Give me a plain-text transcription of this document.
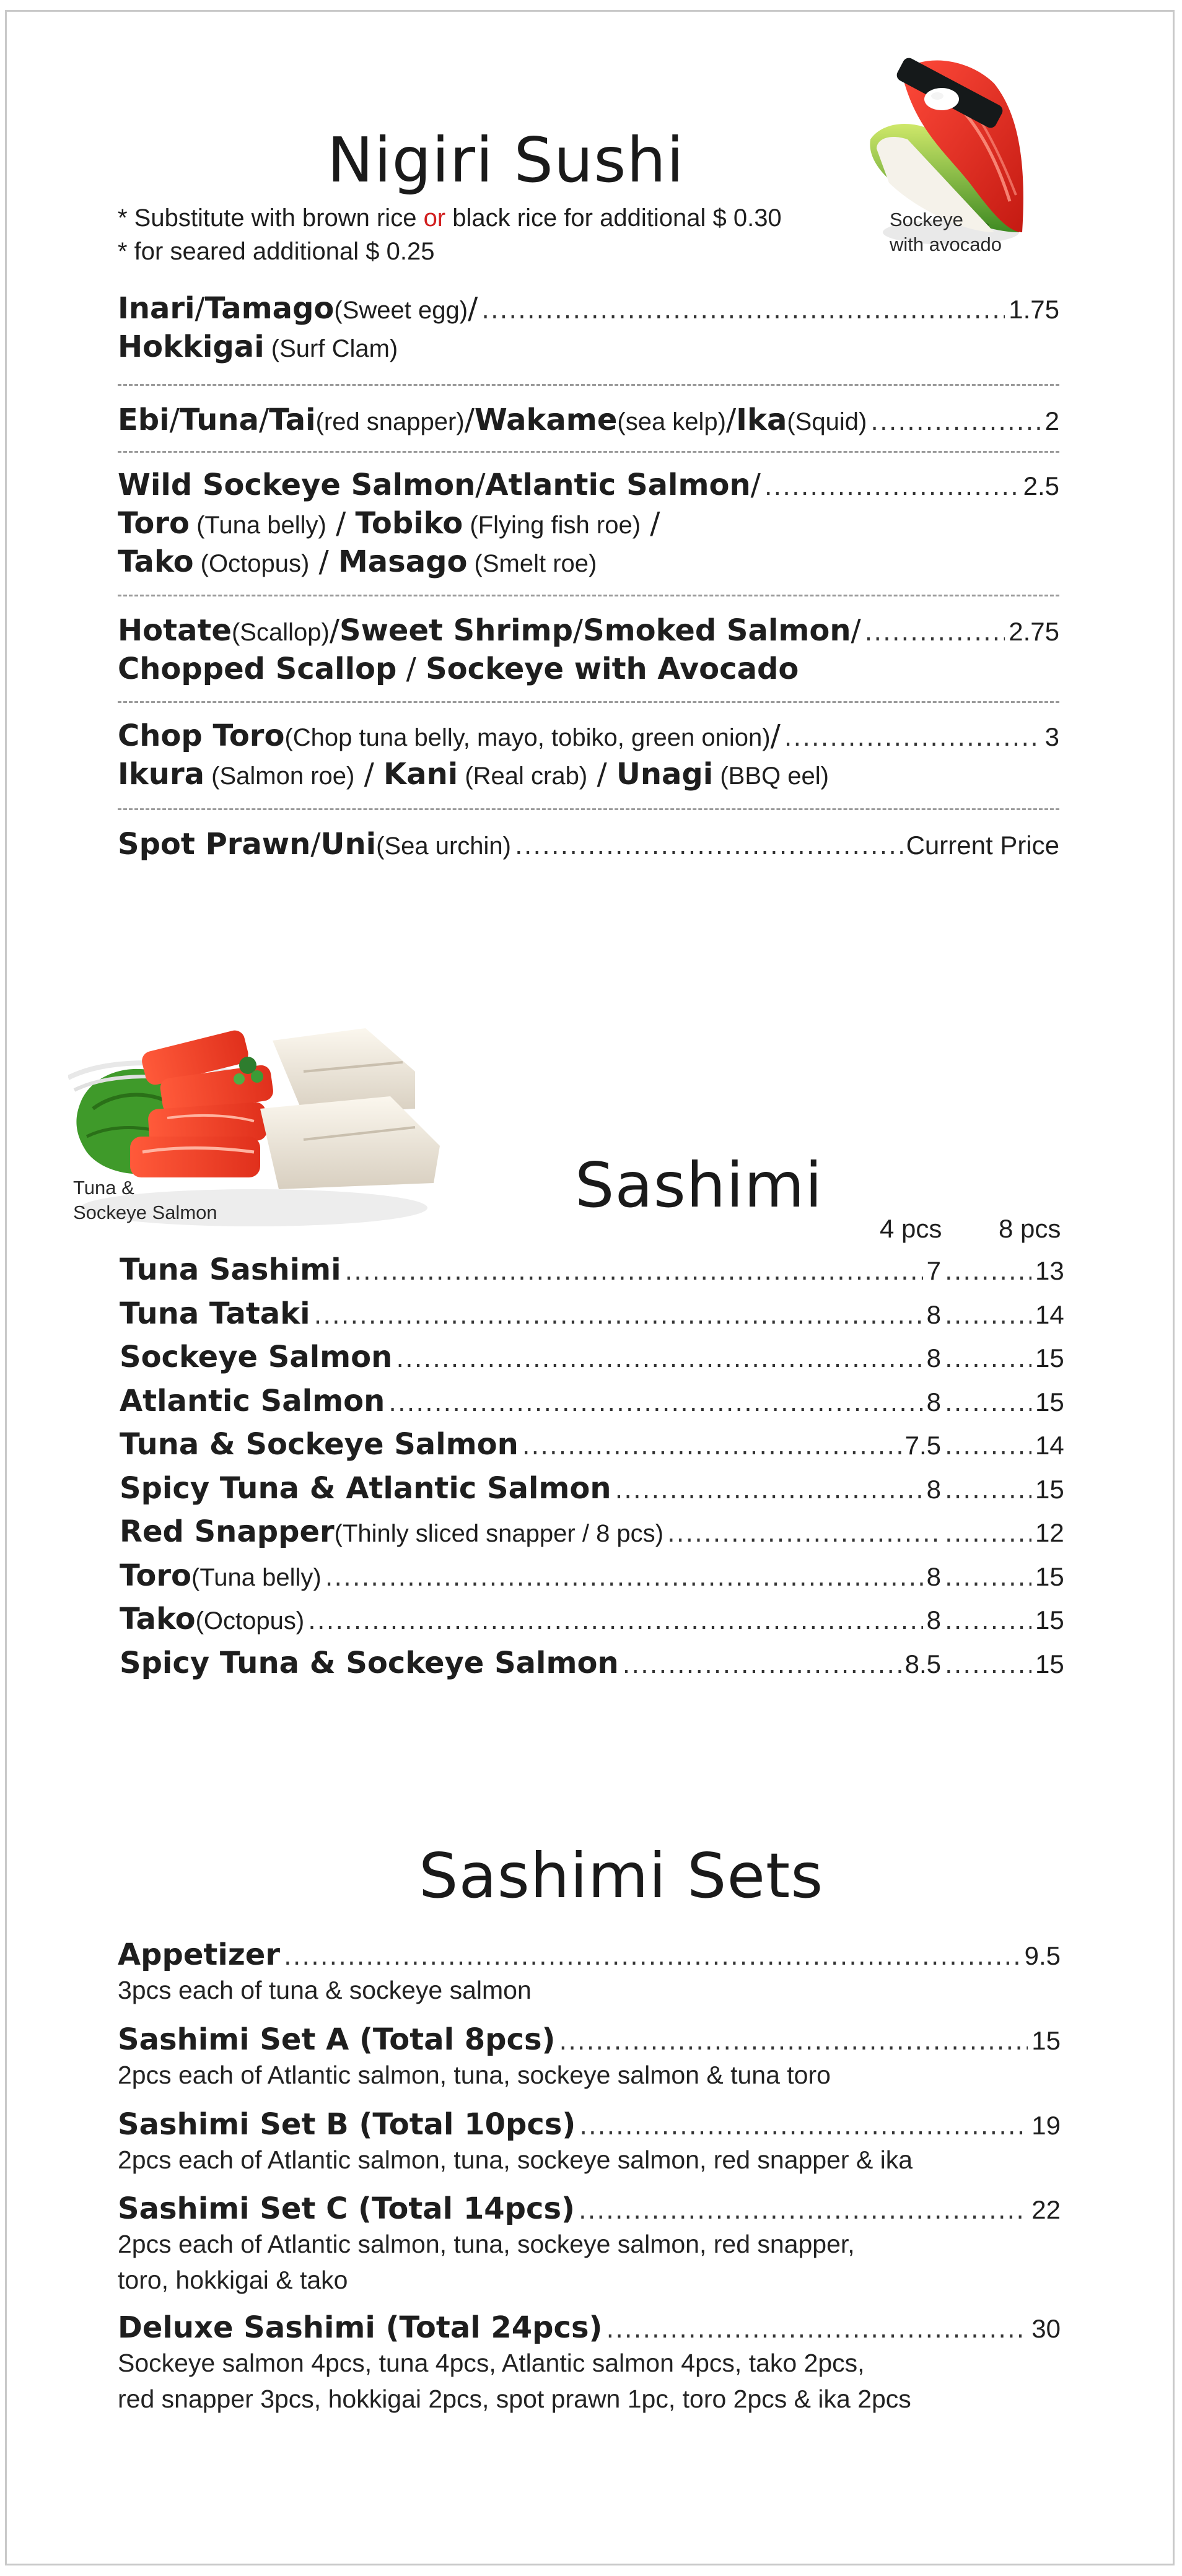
Nigiri Sushi
* Substitute with brown rice or black rice for additional $ 0.30
* for seared additional $ 0.25
Sockeye
with avocado
Inari / Tamago (Sweet egg) / .....	1.75
Hokkigai (Surf Clam)
Ebi / Tuna / Tai (red snapper) / Wakame (sea kelp) / Ika (Squid) .....	2
Wild Sockeye Salmon / Atlantic Salmon / .....	2.5
Toro (Tuna belly) / Tobiko (Flying fish roe) /
Tako (Octopus) / Masago (Smelt roe)
Hotate (Scallop) / Sweet Shrimp / Smoked Salmon / .....	2.75
Chopped Scallop / Sockeye with Avocado
Chop Toro (Chop tuna belly, mayo, tobiko, green onion) / .....	3
Ikura (Salmon roe) / Kani (Real crab) / Unagi (BBQ eel)
Spot Prawn / Uni (Sea urchin) .....	Current Price
Tuna &
Sockeye Salmon	Sashimi
4 pcs 8 pcs
Tuna Sashimi .....	7 .....	13
Tuna Tataki .....	8 .....	14
Sockeye Salmon .....	8 .....	15
Atlantic Salmon .....	8 .....	15
Tuna & Sockeye Salmon .....	7.5 .....	14
Spicy Tuna & Atlantic Salmon .....	8 .....	15
Red Snapper (Thinly sliced snapper / 8 pcs) ..... .....	12
Toro (Tuna belly) .....	8 .....	15
Tako (Octopus) .....	8 .....	15
Spicy Tuna & Sockeye Salmon .....	8.5 .....	15
Sashimi Sets
Appetizer .....	9.5
3pcs each of tuna & sockeye salmon
Sashimi Set A (Total 8pcs) .....	15
2pcs each of Atlantic salmon, tuna, sockeye salmon & tuna toro
Sashimi Set B (Total 10pcs) .....	19
2pcs each of Atlantic salmon, tuna, sockeye salmon, red snapper & ika
Sashimi Set C (Total 14pcs) .....	22
2pcs each of Atlantic salmon, tuna, sockeye salmon, red snapper,
toro, hokkigai & tako
Deluxe Sashimi (Total 24pcs) .....	30
Sockeye salmon 4pcs, tuna 4pcs, Atlantic salmon 4pcs, tako 2pcs,
red snapper 3pcs, hokkigai 2pcs, spot prawn 1pc, toro 2pcs & ika 2pcs
